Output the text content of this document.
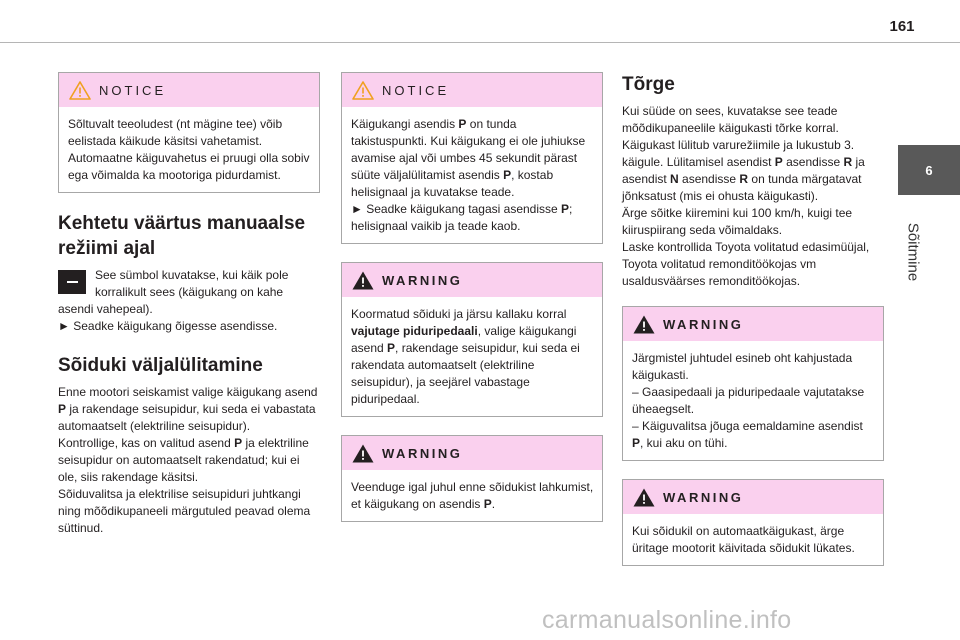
161
6
Sõitmine
NOTICE

Sõltuvalt teeoludest (nt mägine tee) võib eelistada käikude käsitsi vahetamist. Automaatne käiguvahetus ei pruugi olla sobiv ega võimalda ka mootoriga pidurdamist.

Kehtetu väärtus manuaalse režiimi ajal

See sümbol kuvatakse, kui käik pole korralikult sees (käigukang on kahe asendi vahepeal).

► Seadke käigukang õigesse asendisse.

Sõiduki väljalülitamine

Enne mootori seiskamist valige käigukang asend P ja rakendage seisupidur, kui seda ei vabastata automaatselt (elektriline seisupidur).

Kontrollige, kas on valitud asend P ja elektriline seisupidur on automaatselt rakendatud; kui ei ole, siis rakendage käsitsi.

Sõiduvalitsa ja elektrilise seisupiduri juhtkangi ning mõõdikupaneeli märgutuled peavad olema süttinud.

NOTICE

Käigukangi asendis P on tunda takistuspunkti. Kui käigukang ei ole juhiukse avamise ajal või umbes 45 sekundit pärast süüte väljalülitamist asendis P, kostab helisignaal ja kuvatakse teade.

► Seadke käigukang tagasi asendisse P; helisignaal vaikib ja teade kaob.

WARNING

Koormatud sõiduki ja järsu kallaku korral vajutage piduripedaali, valige käigukangi asend P, rakendage seisupidur, kui seda ei rakendata automaatselt (elektriline seisupidur), ja seejärel vabastage piduripedaal.

WARNING

Veenduge igal juhul enne sõidukist lahkumist, et käigukang on asendis P.

Tõrge

Kui süüde on sees, kuvatakse see teade mõõdikupaneelile käigukasti tõrke korral.

Käigukast lülitub varurežiimile ja lukustub 3. käigule. Lülitamisel asendist P asendisse R ja asendist N asendisse R on tunda märgatavat jõnksatust (mis ei ohusta käigukasti).

Ärge sõitke kiiremini kui 100 km/h, kuigi tee kiiruspiirang seda võimaldaks.

Laske kontrollida Toyota volitatud edasimüüjal, Toyota volitatud remonditöökojas vm usaldusväärses remonditöökojas.

WARNING

Järgmistel juhtudel esineb oht kahjustada käigukasti.

– Gaasipedaali ja piduripedaale vajutatakse üheaegselt.

– Käiguvalitsa jõuga eemaldamine asendist P, kui aku on tühi.

WARNING

Kui sõidukil on automaatkäigukast, ärge üritage mootorit käivitada sõidukit lükates.

carmanualsonline.info
